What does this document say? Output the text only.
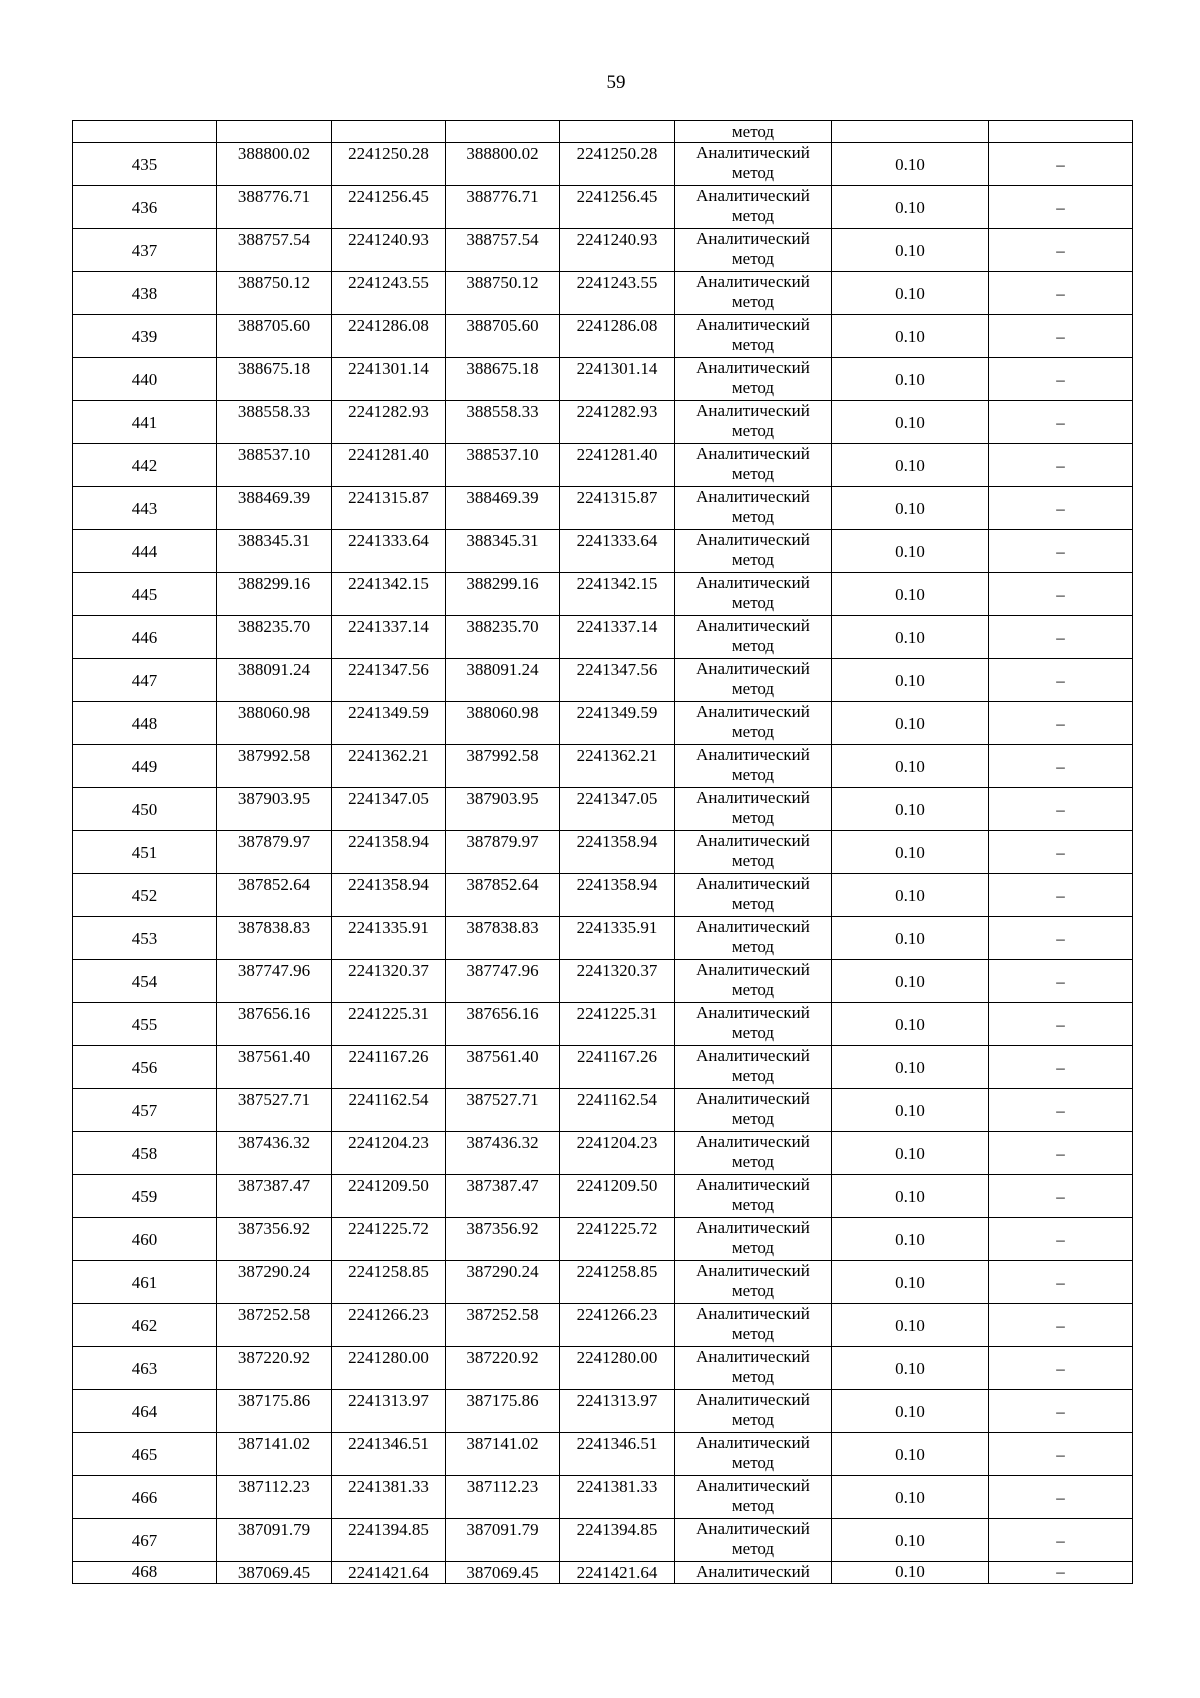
59
					метод		
435	388800.02	2241250.28	388800.02	2241250.28	Аналитический
метод	0.10	–
436	388776.71	2241256.45	388776.71	2241256.45	Аналитический
метод	0.10	–
437	388757.54	2241240.93	388757.54	2241240.93	Аналитический
метод	0.10	–
438	388750.12	2241243.55	388750.12	2241243.55	Аналитический
метод	0.10	–
439	388705.60	2241286.08	388705.60	2241286.08	Аналитический
метод	0.10	–
440	388675.18	2241301.14	388675.18	2241301.14	Аналитический
метод	0.10	–
441	388558.33	2241282.93	388558.33	2241282.93	Аналитический
метод	0.10	–
442	388537.10	2241281.40	388537.10	2241281.40	Аналитический
метод	0.10	–
443	388469.39	2241315.87	388469.39	2241315.87	Аналитический
метод	0.10	–
444	388345.31	2241333.64	388345.31	2241333.64	Аналитический
метод	0.10	–
445	388299.16	2241342.15	388299.16	2241342.15	Аналитический
метод	0.10	–
446	388235.70	2241337.14	388235.70	2241337.14	Аналитический
метод	0.10	–
447	388091.24	2241347.56	388091.24	2241347.56	Аналитический
метод	0.10	–
448	388060.98	2241349.59	388060.98	2241349.59	Аналитический
метод	0.10	–
449	387992.58	2241362.21	387992.58	2241362.21	Аналитический
метод	0.10	–
450	387903.95	2241347.05	387903.95	2241347.05	Аналитический
метод	0.10	–
451	387879.97	2241358.94	387879.97	2241358.94	Аналитический
метод	0.10	–
452	387852.64	2241358.94	387852.64	2241358.94	Аналитический
метод	0.10	–
453	387838.83	2241335.91	387838.83	2241335.91	Аналитический
метод	0.10	–
454	387747.96	2241320.37	387747.96	2241320.37	Аналитический
метод	0.10	–
455	387656.16	2241225.31	387656.16	2241225.31	Аналитический
метод	0.10	–
456	387561.40	2241167.26	387561.40	2241167.26	Аналитический
метод	0.10	–
457	387527.71	2241162.54	387527.71	2241162.54	Аналитический
метод	0.10	–
458	387436.32	2241204.23	387436.32	2241204.23	Аналитический
метод	0.10	–
459	387387.47	2241209.50	387387.47	2241209.50	Аналитический
метод	0.10	–
460	387356.92	2241225.72	387356.92	2241225.72	Аналитический
метод	0.10	–
461	387290.24	2241258.85	387290.24	2241258.85	Аналитический
метод	0.10	–
462	387252.58	2241266.23	387252.58	2241266.23	Аналитический
метод	0.10	–
463	387220.92	2241280.00	387220.92	2241280.00	Аналитический
метод	0.10	–
464	387175.86	2241313.97	387175.86	2241313.97	Аналитический
метод	0.10	–
465	387141.02	2241346.51	387141.02	2241346.51	Аналитический
метод	0.10	–
466	387112.23	2241381.33	387112.23	2241381.33	Аналитический
метод	0.10	–
467	387091.79	2241394.85	387091.79	2241394.85	Аналитический
метод	0.10	–
468	387069.45	2241421.64	387069.45	2241421.64	Аналитический	0.10	–
